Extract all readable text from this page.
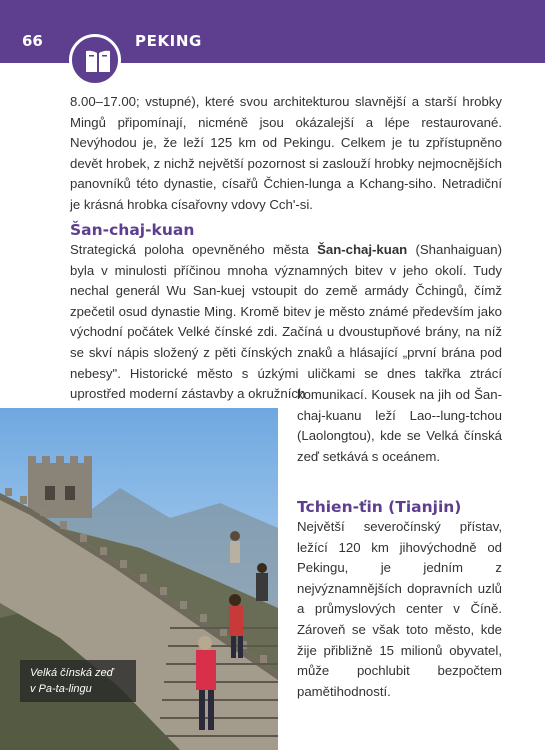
66	PEKING
8.00–17.00; vstupné), které svou architekturou slavnější a starší hrobky Mingů připomínají, nicméně jsou okázalejší a lépe restaurované. Nevýhodou je, že leží 125 km od Pekingu. Celkem je tu zpřístupněno devět hrobek, z nichž největší pozornost si zaslouží hrobky nejmocnějších panovníků této dynastie, císařů Čchien-lunga a Kchang-siho. Netradiční je krásná hrobka císařovny vdovy Cch'-si.
Šan-chaj-kuan
Strategická poloha opevněného města Šan-chaj-kuan (Shanhaiguan) byla v minulosti příčinou mnoha významných bitev v jeho okolí. Tudy nechal generál Wu San-kuej vstoupit do země armády Čchingů, čímž zpečetil osud dynastie Ming. Kromě bitev je město známé především jako východní počátek Velké čínské zdi. Začíná u dvoustupňové brány, na níž se skví nápis složený z pěti čínských znaků a hlásající „první brána pod nebesy". Historické město s úzkými uličkami se dnes takřka ztrácí uprostřed moderní zástavby a okružních
komunikací. Kousek na jih od Šan-chaj-kuanu leží Lao--lung-tchou (Laolongtou), kde se Velká čínská zeď setkává s oceánem.
Tchien-ťin (Tianjin)
Největší severočínský přístav, ležící 120 km jihovýchodně od Pekingu, je jedním z nejvýznamnějších dopravních uzlů a průmyslových center v Číně. Zároveň se však toto město, kde žije přibližně 15 milionů obyvatel, může pochlubit bezpočtem pamětihodností.
Velká čínská zeď
v Pa-ta-lingu
